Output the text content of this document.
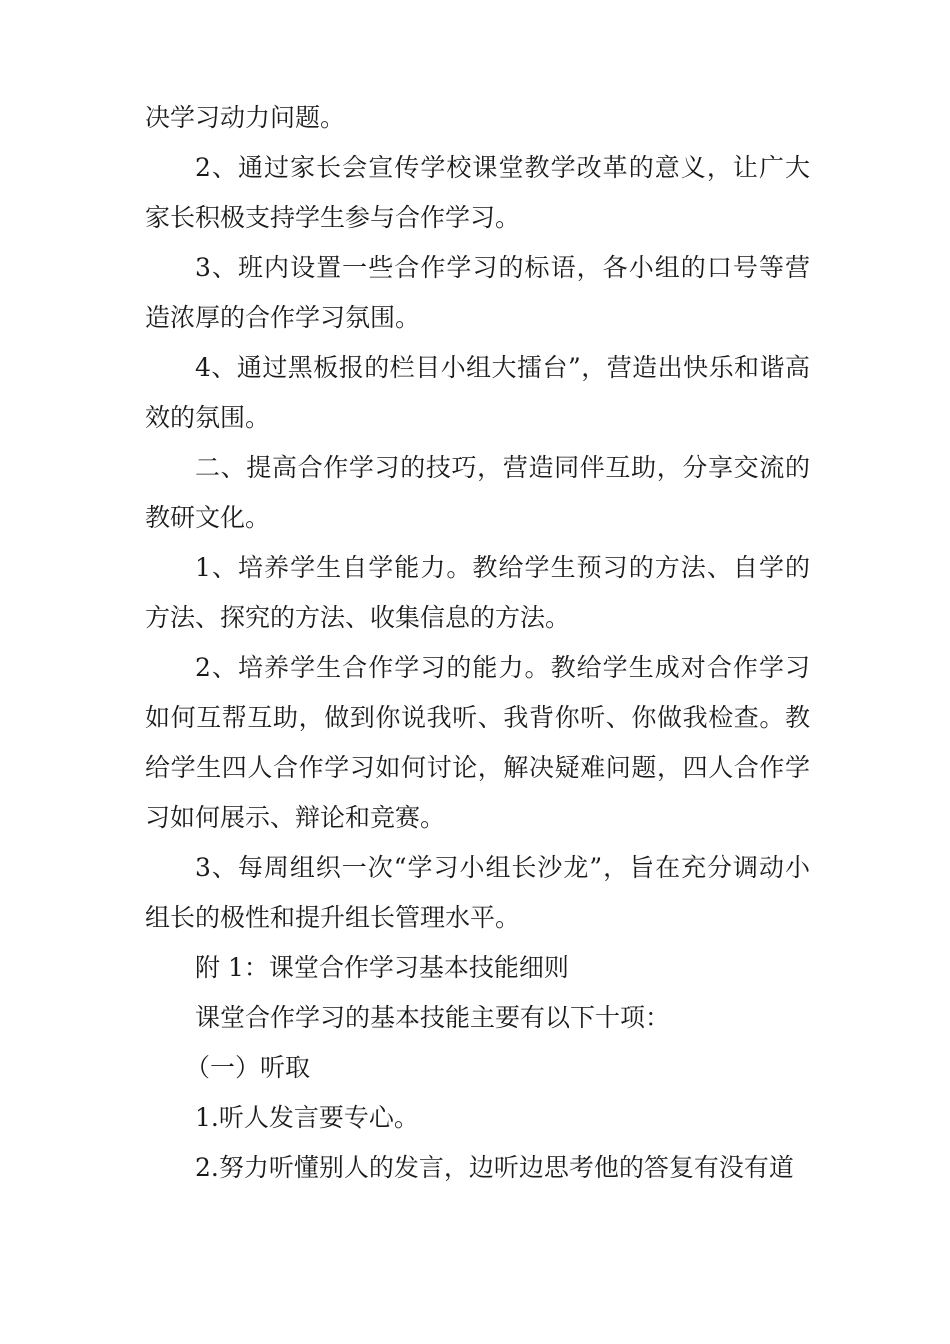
决学习动力问题。

2、通过家长会宣传学校课堂教学改革的意义，让广大家长积极支持学生参与合作学习。

3、班内设置一些合作学习的标语，各小组的口号等营造浓厚的合作学习氛围。

4、通过黑板报的栏目小组大擂台”，营造出快乐和谐高效的氛围。

二、提高合作学习的技巧，营造同伴互助，分享交流的教研文化。

1、培养学生自学能力。教给学生预习的方法、自学的方法、探究的方法、收集信息的方法。

2、培养学生合作学习的能力。教给学生成对合作学习如何互帮互助，做到你说我听、我背你听、你做我检查。教给学生四人合作学习如何讨论，解决疑难问题，四人合作学习如何展示、辩论和竞赛。

3、每周组织一次“学习小组长沙龙”，旨在充分调动小组长的极性和提升组长管理水平。

附 1：课堂合作学习基本技能细则

课堂合作学习的基本技能主要有以下十项：

（一）听取

1.听人发言要专心。

2.努力听懂别人的发言，边听边思考他的答复有没有道
